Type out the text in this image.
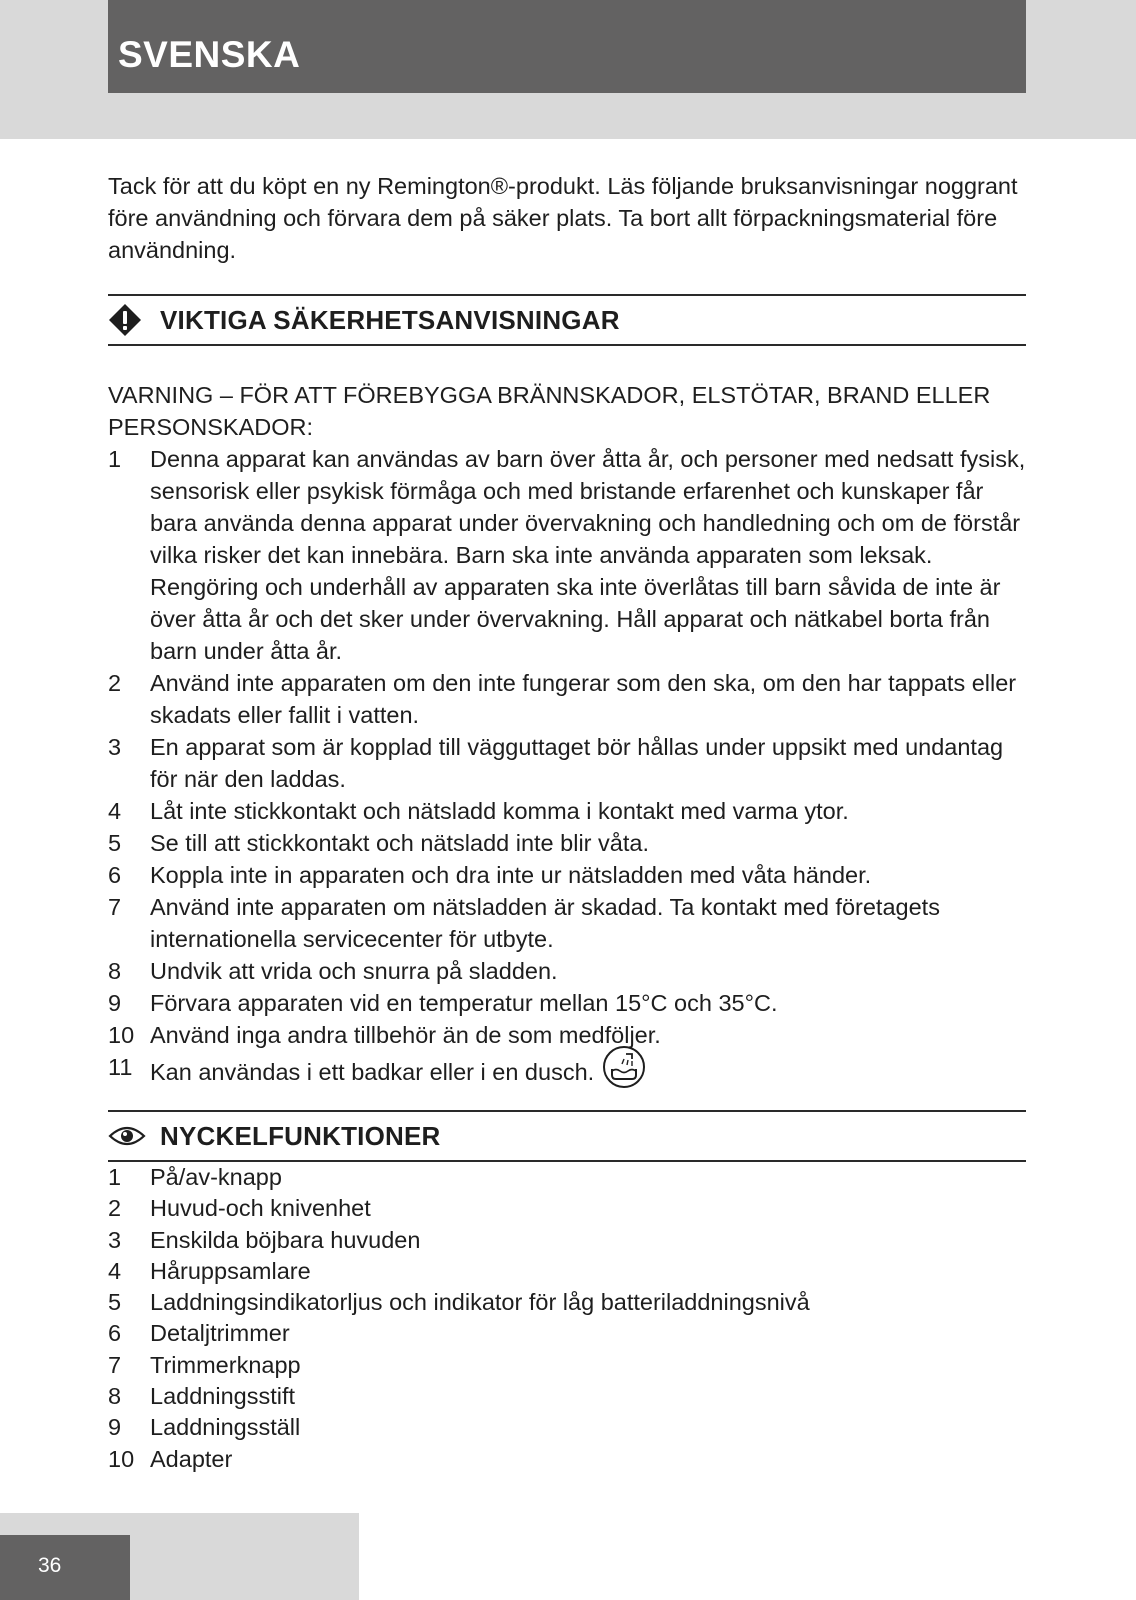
SVENSKA

Tack för att du köpt en ny Remington®-produkt. Läs följande bruksanvisningar noggrant före användning och förvara dem på säker plats. Ta bort allt förpackningsmaterial före användning.

VIKTIGA SÄKERHETSANVISNINGAR

VARNING – FÖR ATT FÖREBYGGA BRÄNNSKADOR, ELSTÖTAR, BRAND ELLER PERSONSKADOR:

1	Denna apparat kan användas av barn över åtta år, och personer med nedsatt fysisk, sensorisk eller psykisk förmåga och med bristande erfarenhet och kunskaper får bara använda denna apparat under övervakning och handledning och om de förstår vilka risker det kan innebära. Barn ska inte använda apparaten som leksak. Rengöring och underhåll av apparaten ska inte överlåtas till barn såvida de inte är över åtta år och det sker under övervakning. Håll apparat och nätkabel borta från barn under åtta år.
2	Använd inte apparaten om den inte fungerar som den ska, om den har tappats eller skadats eller fallit i vatten.
3	En apparat som är kopplad till vägguttaget bör hållas under uppsikt med undantag för när den laddas.
4	Låt inte stickkontakt och nätsladd komma i kontakt med varma ytor.
5	Se till att stickkontakt och nätsladd inte blir våta.
6	Koppla inte in apparaten och dra inte ur nätsladden med våta händer.
7	Använd inte apparaten om nätsladden är skadad. Ta kontakt med företagets internationella servicecenter för utbyte.
8	Undvik att vrida och snurra på sladden.
9	Förvara apparaten vid en temperatur mellan 15°C och 35°C.
10 Använd inga andra tillbehör än de som medföljer.
11 Kan användas i ett badkar eller i en dusch.
NYCKELFUNKTIONER
1	På/av-knapp
2	Huvud-och knivenhet
3	Enskilda böjbara huvuden
4	Håruppsamlare
5	Laddningsindikatorljus och indikator för låg batteriladdningsnivå
6	Detaljtrimmer
7	Trimmerknapp
8	Laddningsstift
9	Laddningsställ
10 Adapter
36
